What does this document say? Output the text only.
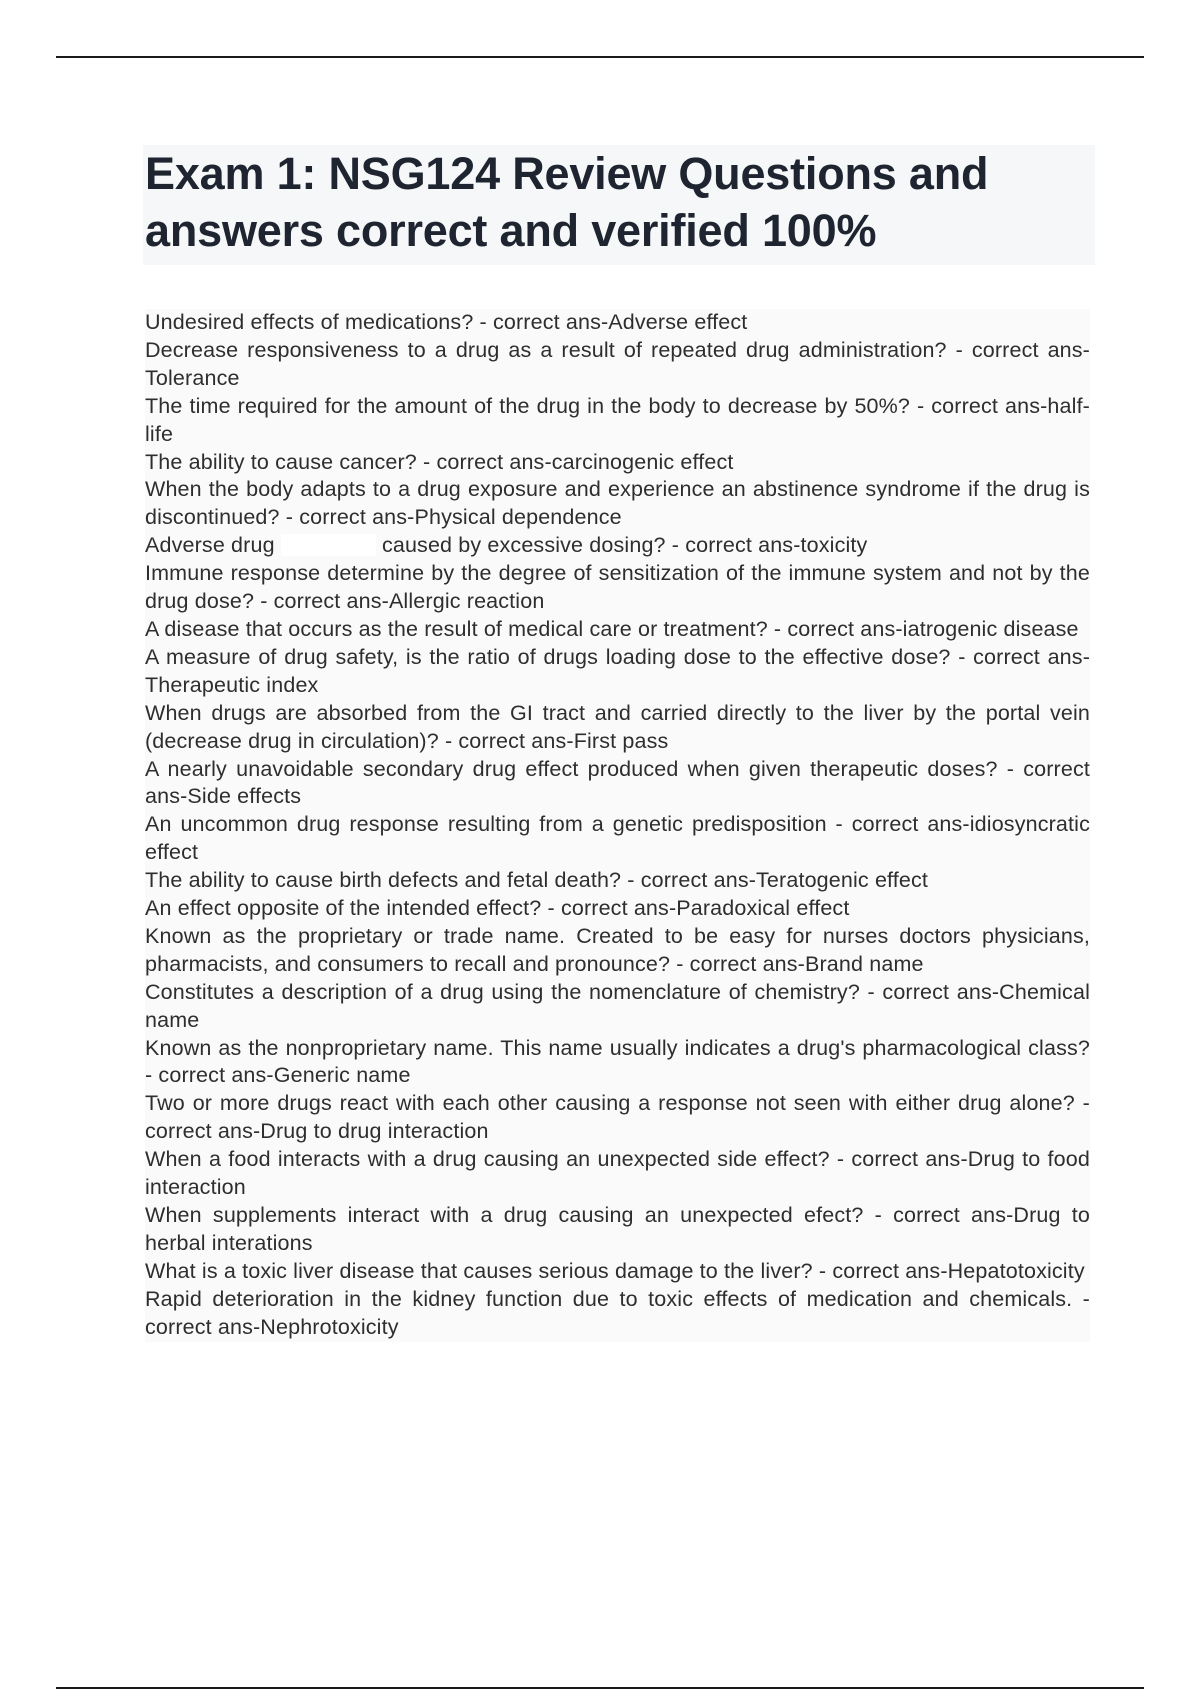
Exam 1: NSG124 Review Questions and answers correct and verified 100%
Undesired effects of medications? - correct ans-Adverse effect
Decrease responsiveness to a drug as a result of repeated drug administration? - correct ans-Tolerance
The time required for the amount of the drug in the body to decrease by 50%? - correct ans-half-life
The ability to cause cancer? - correct ans-carcinogenic effect
When the body adapts to a drug exposure and experience an abstinence syndrome if the drug is discontinued? - correct ans-Physical dependence
Adverse drug	caused by excessive dosing? - correct ans-toxicity
Immune response determine by the degree of sensitization of the immune system and not by the drug dose? - correct ans-Allergic reaction
A disease that occurs as the result of medical care or treatment? - correct ans-iatrogenic disease
A measure of drug safety, is the ratio of drugs loading dose to the effective dose? - correct ans-Therapeutic index
When drugs are absorbed from the GI tract and carried directly to the liver by the portal vein (decrease drug in circulation)? - correct ans-First pass
A nearly unavoidable secondary drug effect produced when given therapeutic doses? - correct ans-Side effects
An uncommon drug response resulting from a genetic predisposition - correct ans-idiosyncratic effect
The ability to cause birth defects and fetal death? - correct ans-Teratogenic effect
An effect opposite of the intended effect? - correct ans-Paradoxical effect
Known as the proprietary or trade name. Created to be easy for nurses doctors physicians, pharmacists, and consumers to recall and pronounce? - correct ans-Brand name
Constitutes a description of a drug using the nomenclature of chemistry? - correct ans-Chemical name
Known as the nonproprietary name. This name usually indicates a drug's pharmacological class? - correct ans-Generic name
Two or more drugs react with each other causing a response not seen with either drug alone? - correct ans-Drug to drug interaction
When a food interacts with a drug causing an unexpected side effect? - correct ans-Drug to food interaction
When supplements interact with a drug causing an unexpected efect? - correct ans-Drug to herbal interations
What is a toxic liver disease that causes serious damage to the liver? - correct ans-Hepatotoxicity
Rapid deterioration in the kidney function due to toxic effects of medication and chemicals. - correct ans-Nephrotoxicity
